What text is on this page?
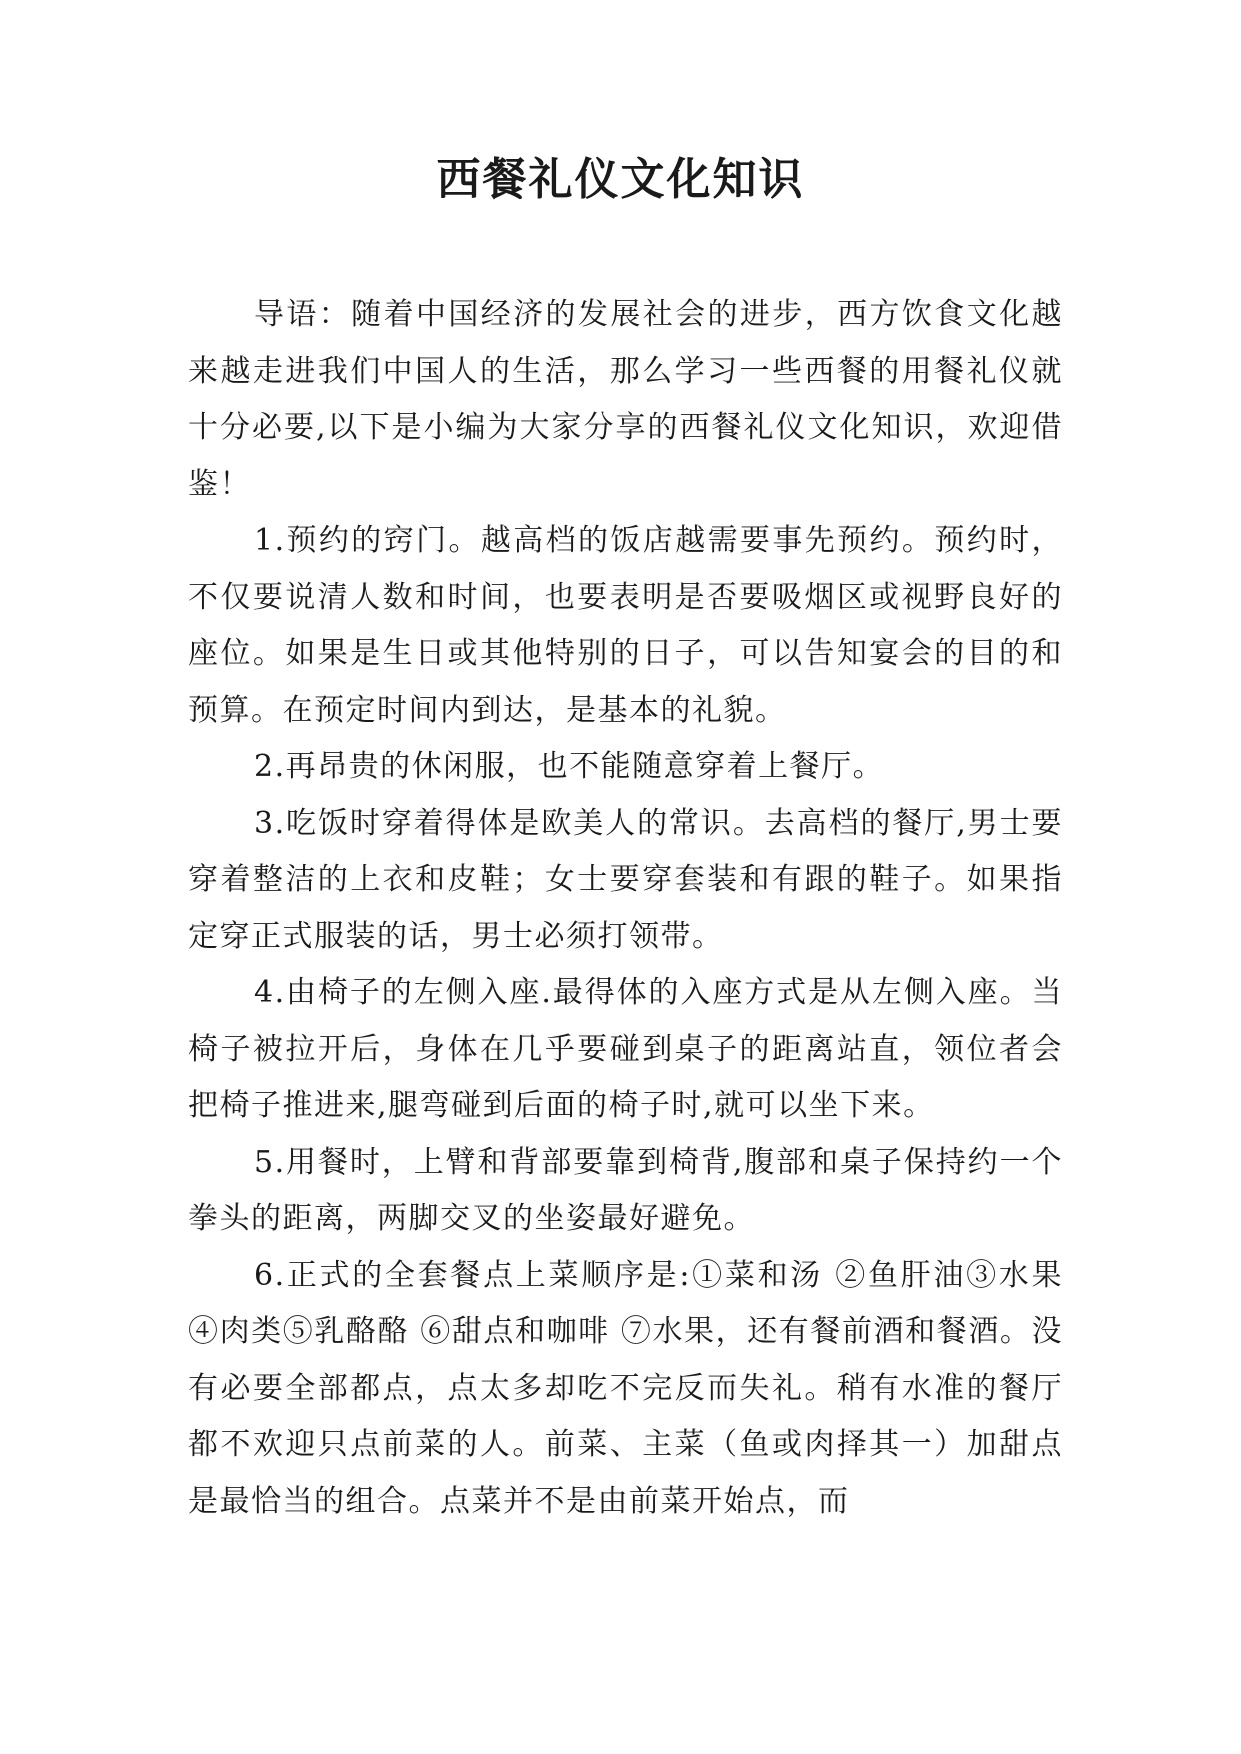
西餐礼仪文化知识

导语：随着中国经济的发展社会的进步，西方饮食文化越来越走进我们中国人的生活，那么学习一些西餐的用餐礼仪就十分必要,以下是小编为大家分享的西餐礼仪文化知识，欢迎借鉴！

1.预约的窍门。越高档的饭店越需要事先预约。预约时，不仅要说清人数和时间，也要表明是否要吸烟区或视野良好的座位。如果是生日或其他特别的日子，可以告知宴会的目的和预算。在预定时间内到达，是基本的礼貌。

2.再昂贵的休闲服，也不能随意穿着上餐厅。

3.吃饭时穿着得体是欧美人的常识。去高档的餐厅,男士要穿着整洁的上衣和皮鞋；女士要穿套装和有跟的鞋子。如果指定穿正式服装的话，男士必须打领带。

4.由椅子的左侧入座.最得体的入座方式是从左侧入座。当椅子被拉开后，身体在几乎要碰到桌子的距离站直，领位者会把椅子推进来,腿弯碰到后面的椅子时,就可以坐下来。

5.用餐时，上臂和背部要靠到椅背,腹部和桌子保持约一个拳头的距离，两脚交叉的坐姿最好避免。

6.正式的全套餐点上菜顺序是:①菜和汤 ②鱼肝油③水果④肉类⑤乳酪酪 ⑥甜点和咖啡 ⑦水果，还有餐前酒和餐酒。没有必要全部都点，点太多却吃不完反而失礼。稍有水准的餐厅都不欢迎只点前菜的人。前菜、主菜（鱼或肉择其一）加甜点是最恰当的组合。点菜并不是由前菜开始点，而
